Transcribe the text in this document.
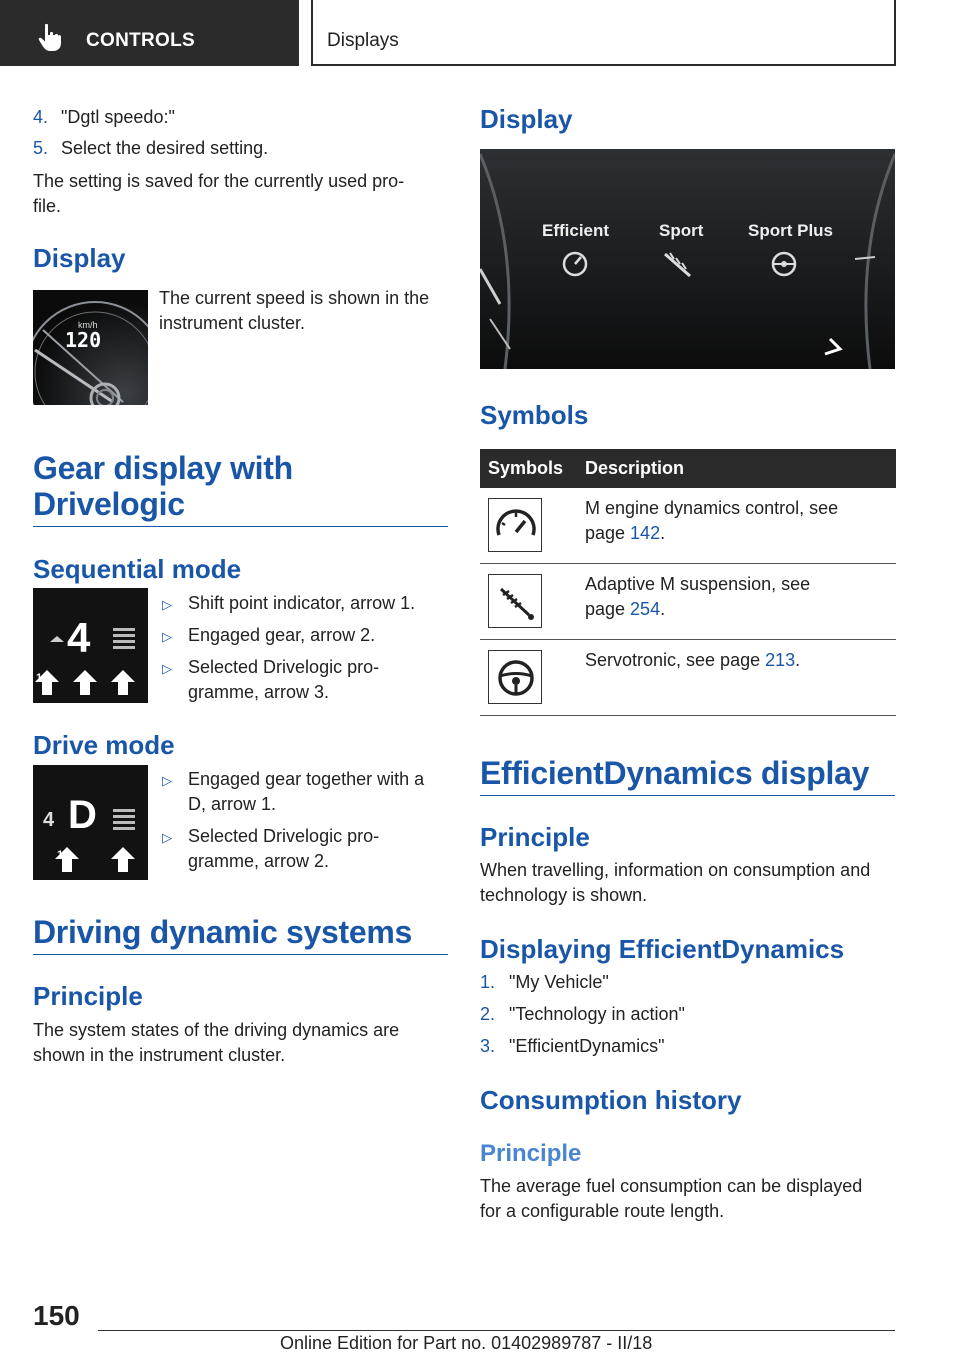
CONTROLS	Displays
4. "Dgtl speedo:"
5. Select the desired setting.
The setting is saved for the currently used pro‐
file.
Display
km/h
120
The current speed is shown in the
instrument cluster.
Gear display with
Drivelogic
Sequential mode
4
1	2	3
▷ Shift point indicator, arrow 1.
▷ Engaged gear, arrow 2.
▷ Selected Drivelogic pro‐
gramme, arrow 3.
Drive mode
4 D
1	2
▷ Engaged gear together with a
D, arrow 1.
▷ Selected Drivelogic pro‐
gramme, arrow 2.
Driving dynamic systems
Principle
The system states of the driving dynamics are
shown in the instrument cluster.
Display
Efficient	Sport	Sport Plus
Symbols
Symbols Description
M engine dynamics control, see
page 142.
Adaptive M suspension, see
page 254.
Servotronic, see page 213.
EfficientDynamics display
Principle
When travelling, information on consumption and
technology is shown.
Displaying EfficientDynamics
1. "My Vehicle"
2. "Technology in action"
3. "EfficientDynamics"
Consumption history
Principle
The average fuel consumption can be displayed
for a configurable route length.
150
Online Edition for Part no. 01402989787 - II/18
